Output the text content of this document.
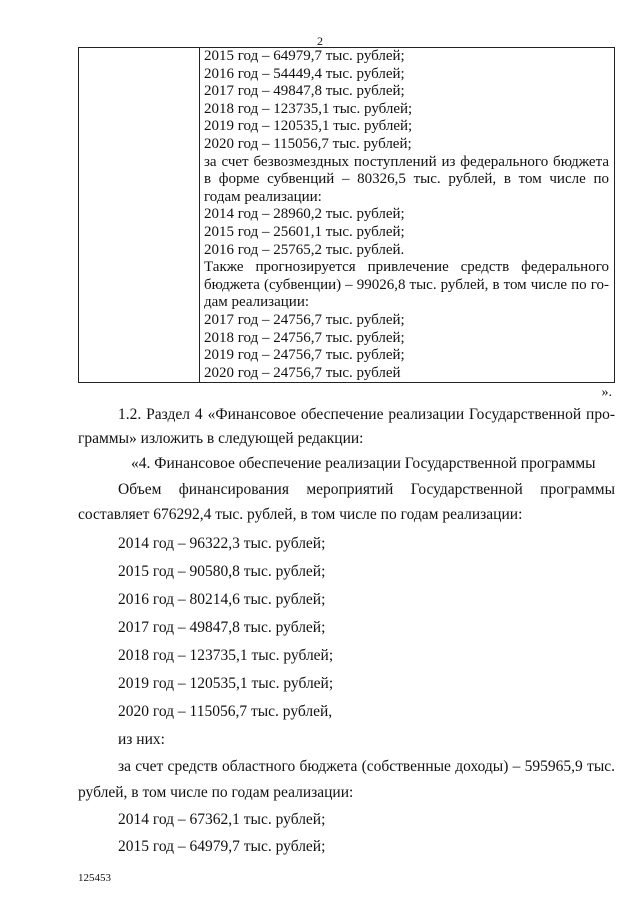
2
2015 год – 64979,7 тыс. рублей;
2016 год – 54449,4 тыс. рублей;
2017 год – 49847,8 тыс. рублей;
2018 год – 123735,1 тыс. рублей;
2019 год – 120535,1 тыс. рублей;
2020 год – 115056,7 тыс. рублей;
за счет безвозмездных поступлений из федерального бюджета
в форме субвенций – 80326,5 тыс. рублей, в том числе по
годам реализации:
2014 год – 28960,2 тыс. рублей;
2015 год – 25601,1 тыс. рублей;
2016 год – 25765,2 тыс. рублей.
Также прогнозируется привлечение средств федерального
бюджета (субвенции) – 99026,8 тыс. рублей, в том числе по го-
дам реализации:
2017 год – 24756,7 тыс. рублей;
2018 год – 24756,7 тыс. рублей;
2019 год – 24756,7 тыс. рублей;
2020 год – 24756,7 тыс. рублей
».
1.2. Раздел 4 «Финансовое обеспечение реализации Государственной про-
граммы» изложить в следующей редакции:
«4. Финансовое обеспечение реализации Государственной программы
Объем финансирования мероприятий Государственной программы
составляет 676292,4 тыс. рублей, в том числе по годам реализации:
2014 год – 96322,3 тыс. рублей;
2015 год – 90580,8 тыс. рублей;
2016 год – 80214,6 тыс. рублей;
2017 год – 49847,8 тыс. рублей;
2018 год – 123735,1 тыс. рублей;
2019 год – 120535,1 тыс. рублей;
2020 год – 115056,7 тыс. рублей,
из них:
за счет средств областного бюджета (собственные доходы) – 595965,9 тыс.
рублей, в том числе по годам реализации:
2014 год – 67362,1 тыс. рублей;
2015 год – 64979,7 тыс. рублей;
125453
